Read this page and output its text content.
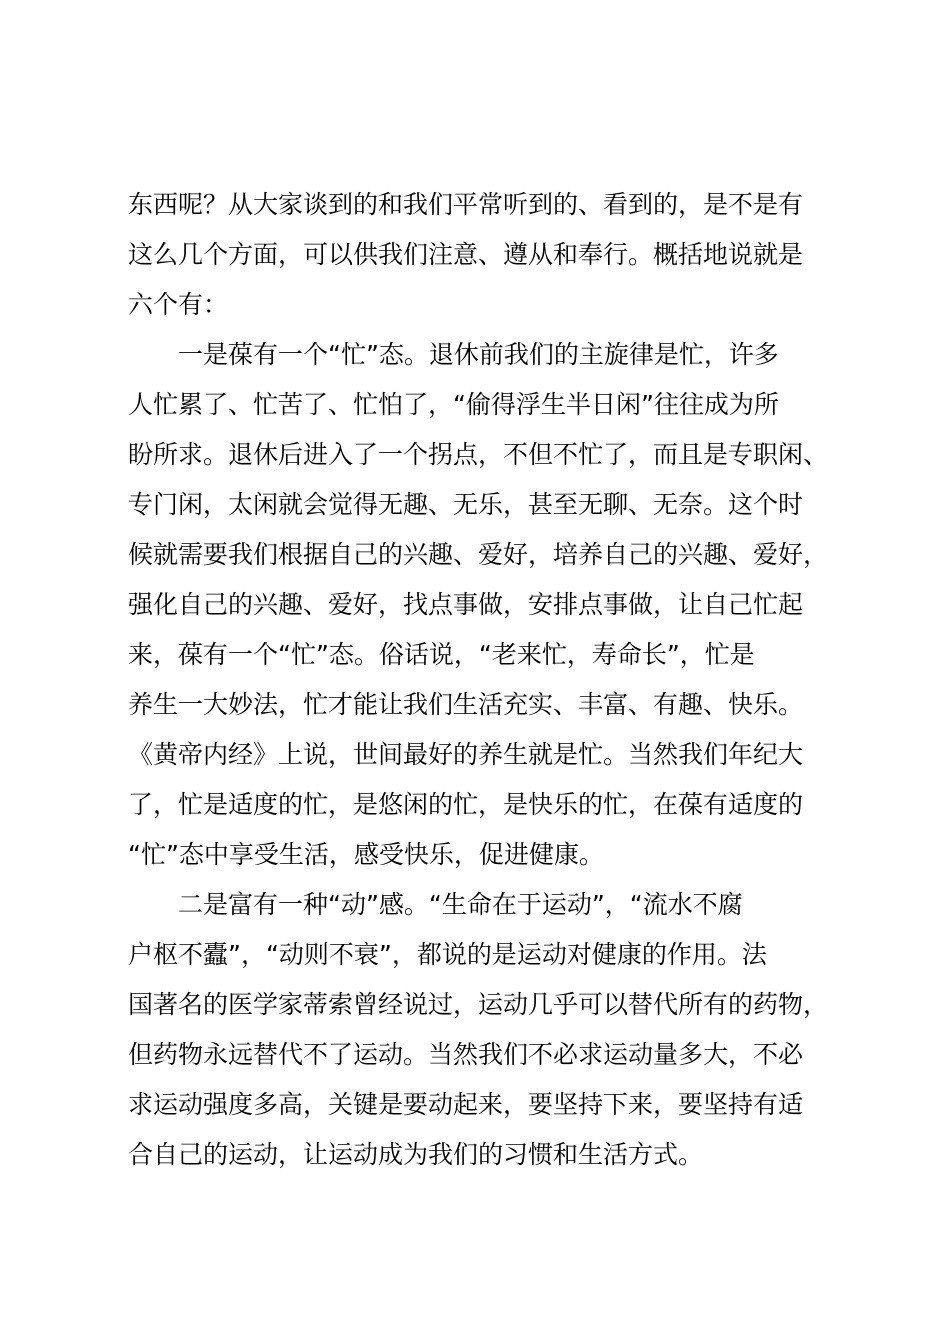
东西呢？从大家谈到的和我们平常听到的、看到的，是不是有
这么几个方面，可以供我们注意、遵从和奉行。概括地说就是
六个有：
一是葆有一个“忙”态。退休前我们的主旋律是忙，许多
人忙累了、忙苦了、忙怕了，“偷得浮生半日闲”往往成为所
盼所求。退休后进入了一个拐点，不但不忙了，而且是专职闲、
专门闲，太闲就会觉得无趣、无乐，甚至无聊、无奈。这个时
候就需要我们根据自己的兴趣、爱好，培养自己的兴趣、爱好，
强化自己的兴趣、爱好，找点事做，安排点事做，让自己忙起
来，葆有一个“忙”态。俗话说，“老来忙，寿命长”，忙是
养生一大妙法，忙才能让我们生活充实、丰富、有趣、快乐。
《黄帝内经》上说，世间最好的养生就是忙。当然我们年纪大
了，忙是适度的忙，是悠闲的忙，是快乐的忙，在葆有适度的
“忙”态中享受生活，感受快乐，促进健康。
二是富有一种“动”感。“生命在于运动”，“流水不腐
户枢不蠹”，“动则不衰”，都说的是运动对健康的作用。法
国著名的医学家蒂索曾经说过，运动几乎可以替代所有的药物，
但药物永远替代不了运动。当然我们不必求运动量多大，不必
求运动强度多高，关键是要动起来，要坚持下来，要坚持有适
合自己的运动，让运动成为我们的习惯和生活方式。
